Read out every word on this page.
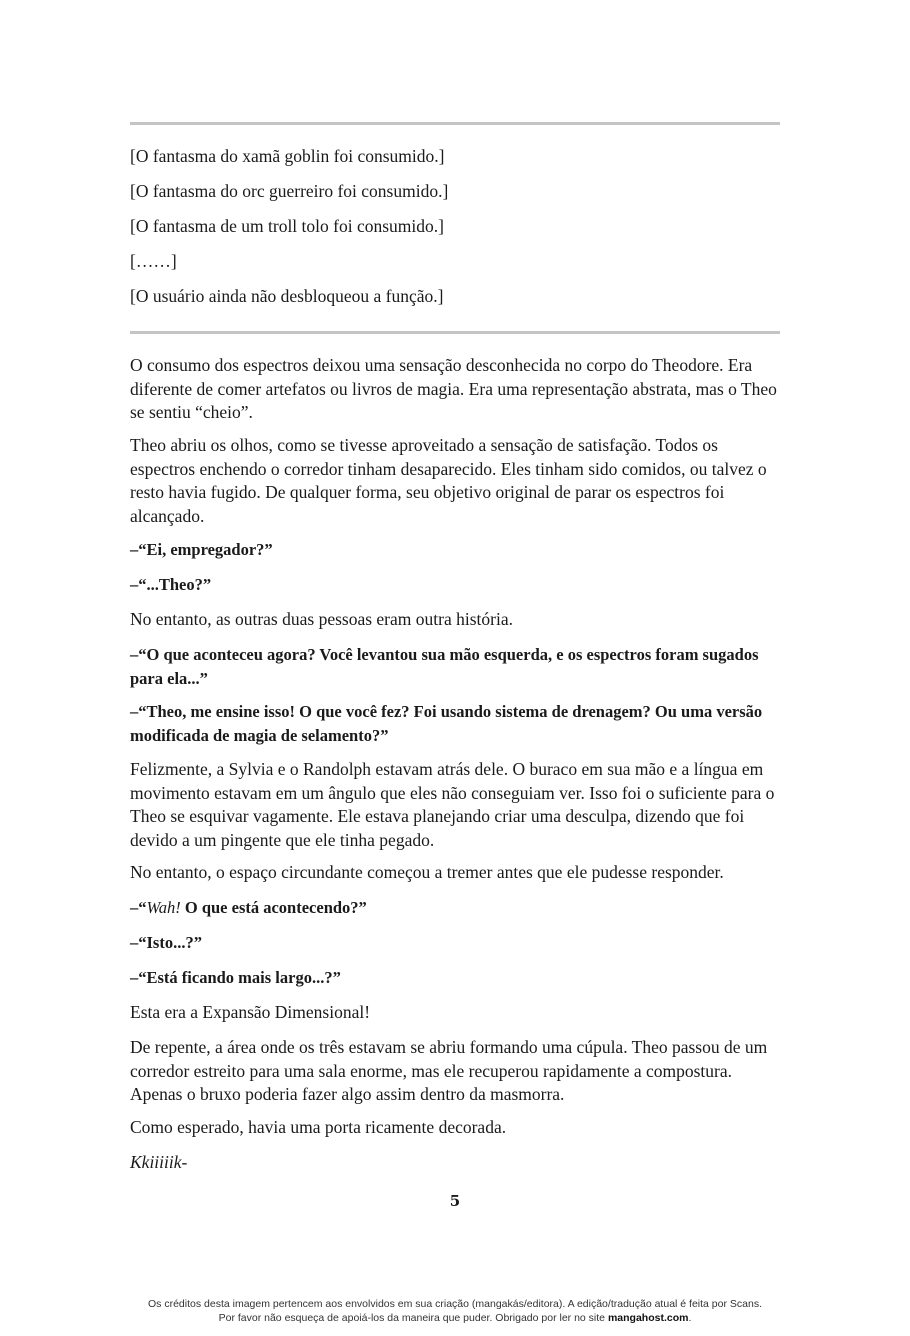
[O fantasma do xamã goblin foi consumido.]
[O fantasma do orc guerreiro foi consumido.]
[O fantasma de um troll tolo foi consumido.]
[……]
[O usuário ainda não desbloqueou a função.]
O consumo dos espectros deixou uma sensação desconhecida no corpo do Theodore. Era diferente de comer artefatos ou livros de magia. Era uma representação abstrata, mas o Theo se sentiu “cheio”.
Theo abriu os olhos, como se tivesse aproveitado a sensação de satisfação. Todos os espectros enchendo o corredor tinham desaparecido. Eles tinham sido comidos, ou talvez o resto havia fugido. De qualquer forma, seu objetivo original de parar os espectros foi alcançado.
–“Ei, empregador?”
–“...Theo?”
No entanto, as outras duas pessoas eram outra história.
–“O que aconteceu agora? Você levantou sua mão esquerda, e os espectros foram sugados para ela...”
–“Theo, me ensine isso! O que você fez? Foi usando sistema de drenagem? Ou uma versão modificada de magia de selamento?”
Felizmente, a Sylvia e o Randolph estavam atrás dele. O buraco em sua mão e a língua em movimento estavam em um ângulo que eles não conseguiam ver. Isso foi o suficiente para o Theo se esquivar vagamente. Ele estava planejando criar uma desculpa, dizendo que foi devido a um pingente que ele tinha pegado.
No entanto, o espaço circundante começou a tremer antes que ele pudesse responder.
–“Wah! O que está acontecendo?”
–“Isto...?”
–“Está ficando mais largo...?”
Esta era a Expansão Dimensional!
De repente, a área onde os três estavam se abriu formando uma cúpula. Theo passou de um corredor estreito para uma sala enorme, mas ele recuperou rapidamente a compostura. Apenas o bruxo poderia fazer algo assim dentro da masmorra.
Como esperado, havia uma porta ricamente decorada.
Kkiiiiik-
5
Os créditos desta imagem pertencem aos envolvidos em sua criação (mangakás/editora). A edição/tradução atual é feita por Scans.
Por favor não esqueça de apoiá-los da maneira que puder. Obrigado por ler no site mangahost.com.
